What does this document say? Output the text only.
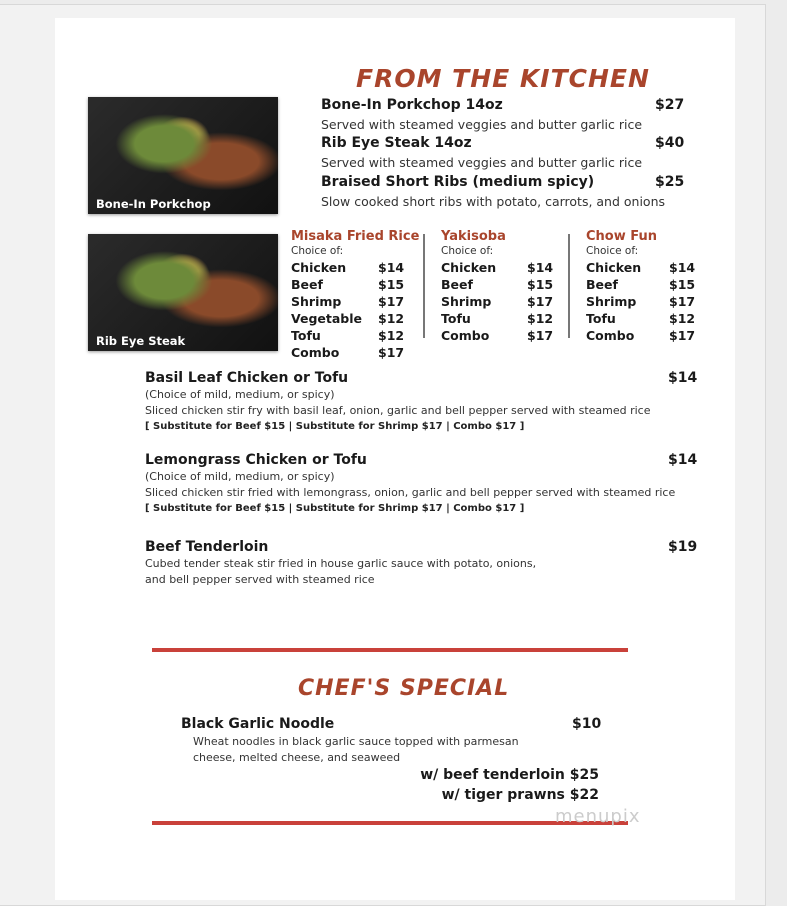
FROM THE KITCHEN
Bone-In Porkchop
Rib Eye Steak
Bone-In Porkchop 14oz	$27
Served with steamed veggies and butter garlic rice
Rib Eye Steak 14oz	$40
Served with steamed veggies and butter garlic rice
Braised Short Ribs (medium spicy)	$25
Slow cooked short ribs with potato, carrots, and onions
Misaka Fried Rice
Choice of:
Chicken	$14
Beef	$15
Shrimp	$17
Vegetable $12
Tofu	$12
Combo	$17
Yakisoba
Choice of:
Chicken $14
Beef	$15
Shrimp	$17
Tofu	$12
Combo	$17
Chow Fun
Choice of:
Chicken $14
Beef	$15
Shrimp	$17
Tofu	$12
Combo	$17
Basil Leaf Chicken or Tofu	$14
(Choice of mild, medium, or spicy)
Sliced chicken stir fry with basil leaf, onion, garlic and bell pepper served with steamed rice
[ Substitute for Beef $15 | Substitute for Shrimp $17 | Combo $17 ]
Lemongrass Chicken or Tofu	$14
(Choice of mild, medium, or spicy)
Sliced chicken stir fried with lemongrass, onion, garlic and bell pepper served with steamed rice
[ Substitute for Beef $15 | Substitute for Shrimp $17 | Combo $17 ]
Beef Tenderloin	$19
Cubed tender steak stir fried in house garlic sauce with potato, onions,
and bell pepper served with steamed rice
CHEF'S SPECIAL
Black Garlic Noodle	$10
Wheat noodles in black garlic sauce topped with parmesan
cheese, melted cheese, and seaweed
w/ beef tenderloin $25
w/ tiger prawns $22
menupix
